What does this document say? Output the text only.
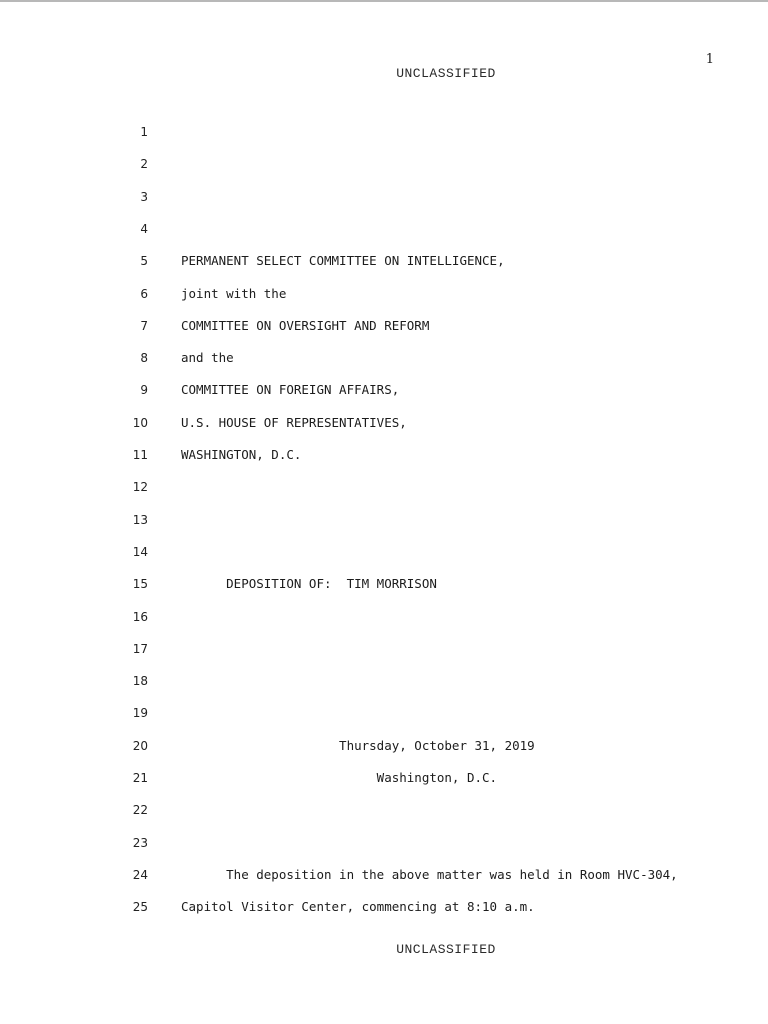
1
UNCLASSIFIED
1
2
3
4
5	PERMANENT SELECT COMMITTEE ON INTELLIGENCE,
6	joint with the
7	COMMITTEE ON OVERSIGHT AND REFORM
8	and the
9	COMMITTEE ON FOREIGN AFFAIRS,
10	U.S. HOUSE OF REPRESENTATIVES,
11	WASHINGTON, D.C.
12
13
14
15	DEPOSITION OF:  TIM MORRISON
16
17
18
19
20	Thursday, October 31, 2019
21	Washington, D.C.
22
23
24	The deposition in the above matter was held in Room HVC-304,
25	Capitol Visitor Center, commencing at 8:10 a.m.
UNCLASSIFIED
